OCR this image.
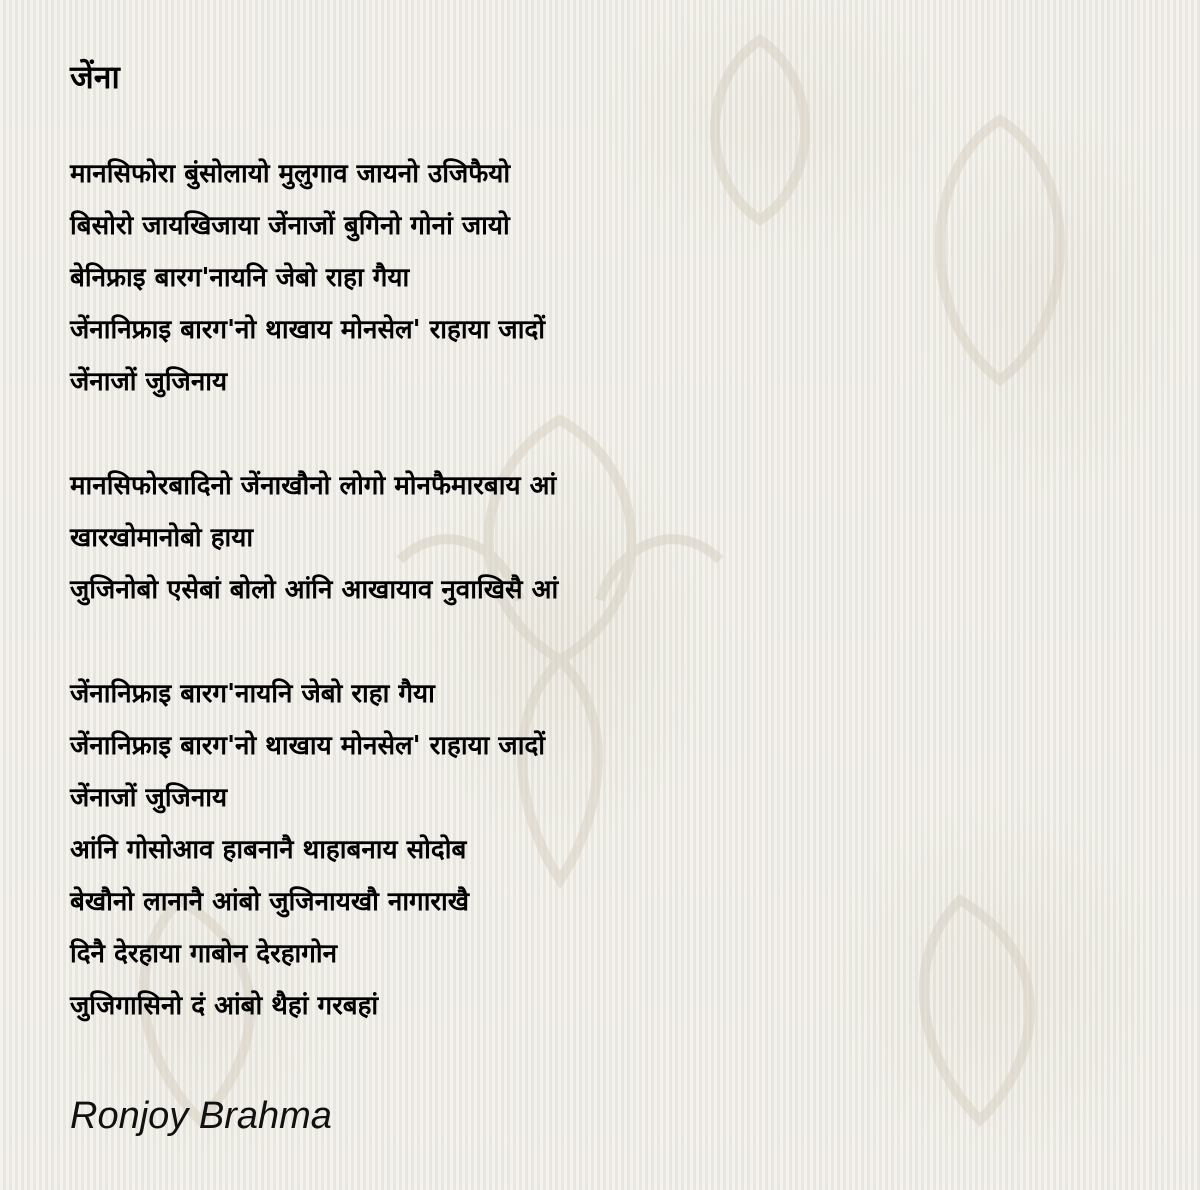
जेंना
मानसिफोरा बुंसोलायो मुलुगाव जायनो उजिफैयो
बिसोरो जायखिजाया जेंनाजों बुगिनो गोनां जायो
बेनिफ्राइ बारग'नायनि जेबो राहा गैया
जेंनानिफ्राइ बारग'नो थाखाय मोनसेल' राहाया जादों
जेंनाजों जुजिनाय
मानसिफोरबादिनो जेंनाखौनो लोगो मोनफैमारबाय आं
खारखोमानोबो हाया
जुजिनोबो एसेबां बोलो आंनि आखायाव नुवाखिसै आं
जेंनानिफ्राइ बारग'नायनि जेबो राहा गैया
जेंनानिफ्राइ बारग'नो थाखाय मोनसेल' राहाया जादों
जेंनाजों जुजिनाय
आंनि गोसोआव हाबनानै थाहाबनाय सोदोब
बेखौनो लानानै आंबो जुजिनायखौ नागाराखै
दिनै देरहाया गाबोन देरहागोन
जुजिगासिनो दं आंबो थैहां गरबहां
Ronjoy Brahma
